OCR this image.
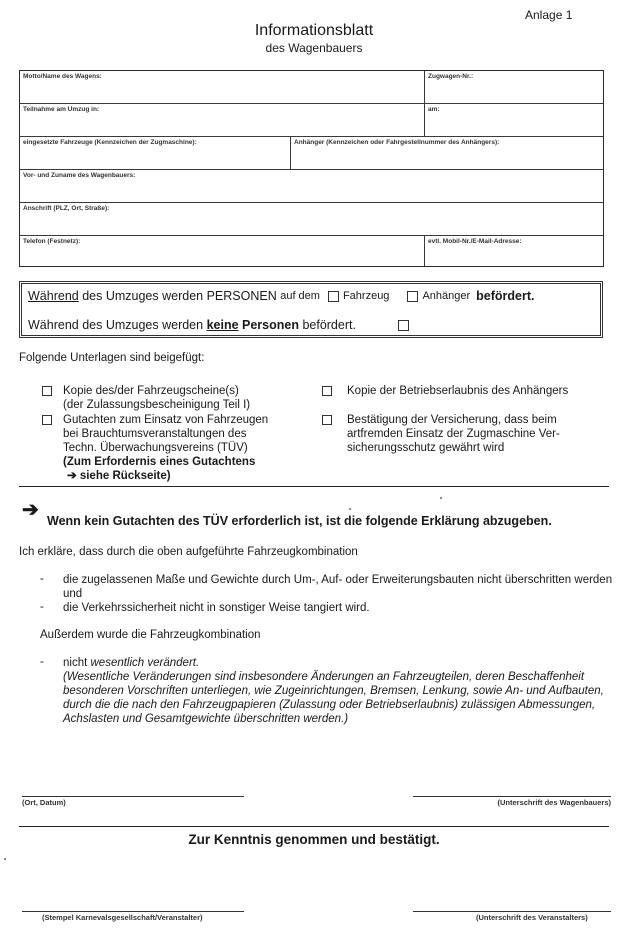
Anlage 1
Informationsblatt
des Wagenbauers
Motto/Name des Wagens:	Zugwagen-Nr.:
Teilnahme am Umzug in:	am:
eingesetzte Fahrzeuge (Kennzeichen der Zugmaschine):	Anhänger (Kennzeichen oder Fahrgestellnummer des Anhängers):
Vor- und Zuname des Wagenbauers:
Anschrift (PLZ, Ort, Straße):
Telefon (Festnetz):	evtl. Mobil-Nr./E-Mail-Adresse:
Während des Umzuges werden PERSONEN auf dem Fahrzeug	Anhänger befördert.
Während des Umzuges werden keine Personen befördert.
Folgende Unterlagen sind beigefügt:
Kopie des/der Fahrzeugscheine(s)
(der Zulassungsbescheinigung Teil I)
Kopie der Betriebserlaubnis des Anhängers
Gutachten zum Einsatz von Fahrzeugen
bei Brauchtumsveranstaltungen des
Techn. Überwachungsvereins (TÜV)
(Zum Erfordernis eines Gutachtens
➔ siehe Rückseite)
Bestätigung der Versicherung, dass beim
artfremden Einsatz der Zugmaschine Ver-
sicherungsschutz gewährt wird
➔ Wenn kein Gutachten des TÜV erforderlich ist, ist die folgende Erklärung abzugeben.
Ich erkläre, dass durch die oben aufgeführte Fahrzeugkombination
- die zugelassenen Maße und Gewichte durch Um-, Auf- oder Erweiterungsbauten nicht überschritten werden
und
- die Verkehrssicherheit nicht in sonstiger Weise tangiert wird.
Außerdem wurde die Fahrzeugkombination
- nicht wesentlich verändert.
(Wesentliche Veränderungen sind insbesondere Änderungen an Fahrzeugteilen, deren Beschaffenheit
besonderen Vorschriften unterliegen, wie Zugeinrichtungen, Bremsen, Lenkung, sowie An- und Aufbauten,
durch die die nach den Fahrzeugpapieren (Zulassung oder Betriebserlaubnis) zulässigen Abmessungen,
Achslasten und Gesamtgewichte überschritten werden.)
(Ort, Datum)	(Unterschrift des Wagenbauers)
Zur Kenntnis genommen und bestätigt.
(Stempel Karnevalsgesellschaft/Veranstalter)	(Unterschrift des Veranstalters)
